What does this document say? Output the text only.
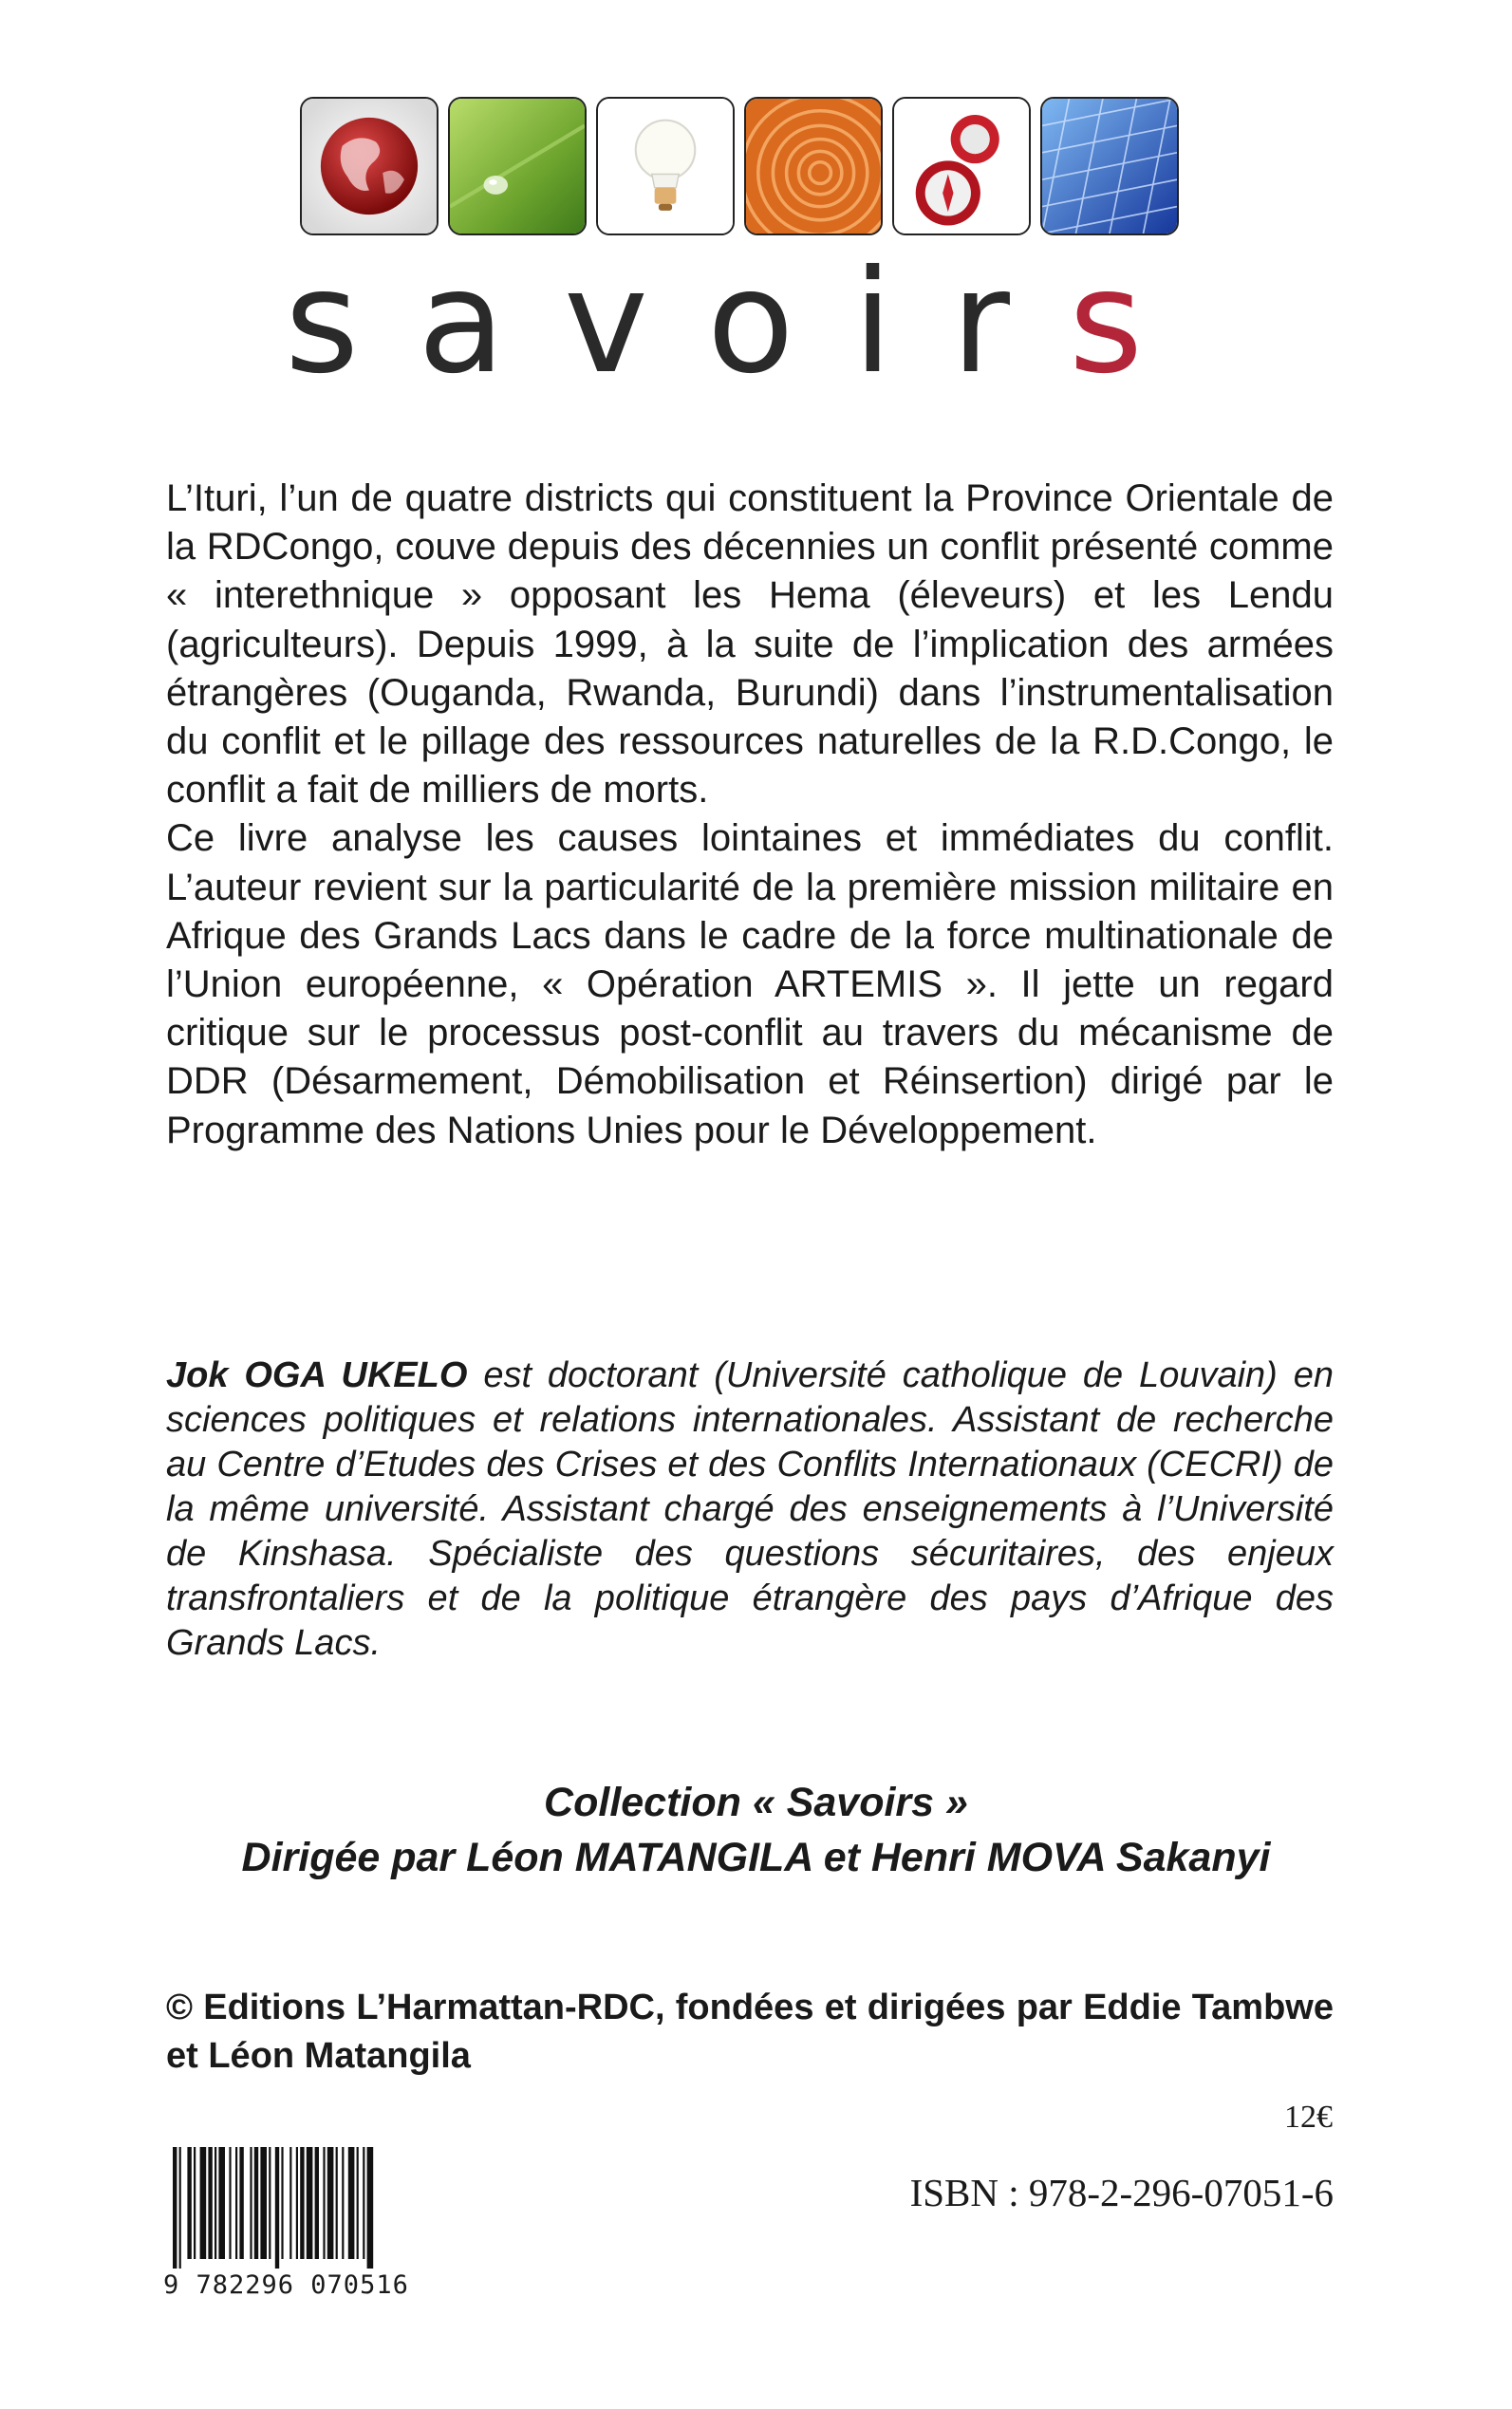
savoirs

L’Ituri, l’un de quatre districts qui constituent la Province Orientale de la RDCongo, couve depuis des décennies un conflit présenté comme « interethnique » opposant les Hema (éleveurs) et les Lendu (agriculteurs). Depuis 1999, à la suite de l’implication des armées étrangères (Ouganda, Rwanda, Burundi) dans l’instrumentalisation du conflit et le pillage des ressources naturelles de la R.D.Congo, le conflit a fait de milliers de morts.

Ce livre analyse les causes lointaines et immédiates du conflit. L’auteur revient sur la particularité de la première mission militaire en Afrique des Grands Lacs dans le cadre de la force multinationale de l’Union européenne, « Opération ARTEMIS ». Il jette un regard critique sur le processus post-conflit au travers du mécanisme de DDR (Désarmement, Démobilisation et Réinsertion) dirigé par le Programme des Nations Unies pour le Développement.

Jok OGA UKELO est doctorant (Université catholique de Louvain) en sciences politiques et relations internationales. Assistant de recherche au Centre d’Etudes des Crises et des Conflits Internationaux (CECRI) de la même université. Assistant chargé des enseignements à l’Université de Kinshasa. Spécialiste des questions sécuritaires, des enjeux transfrontaliers et de la politique étrangère des pays d’Afrique des Grands Lacs.
Collection « Savoirs »
Dirigée par Léon MATANGILA et Henri MOVA Sakanyi
© Editions L’Harmattan-RDC, fondées et dirigées par Eddie Tambwe et Léon Matangila
12€
9 782296 070516
ISBN : 978-2-296-07051-6
